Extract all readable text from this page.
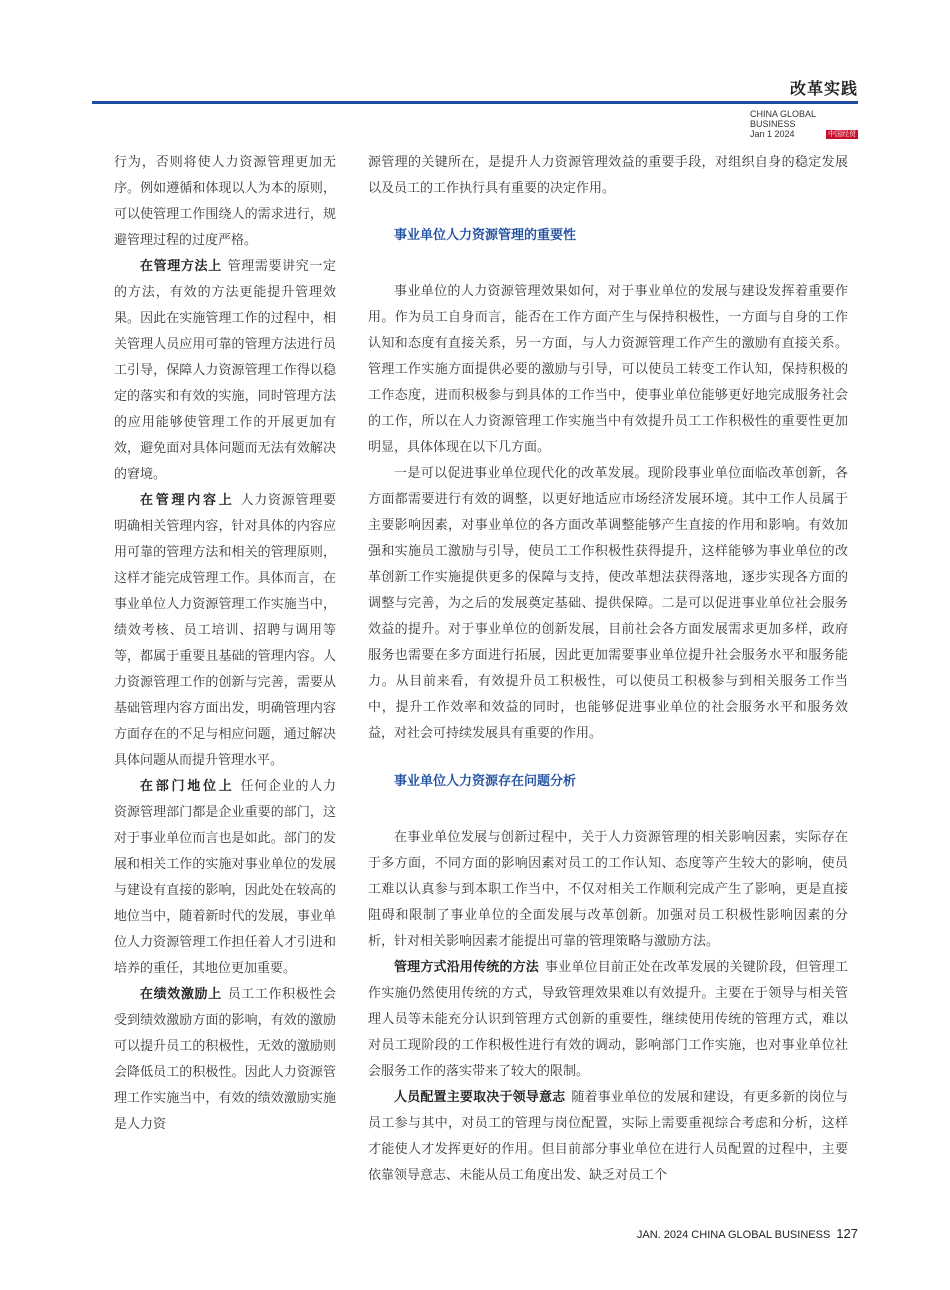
改革实践
CHINA GLOBAL BUSINESS
Jan 1 2024	中国经贸

行为，否则将使人力资源管理更加无序。例如遵循和体现以人为本的原则，可以使管理工作围绕人的需求进行，规避管理过程的过度严格。

在管理方法上 管理需要讲究一定的方法，有效的方法更能提升管理效果。因此在实施管理工作的过程中，相关管理人员应用可靠的管理方法进行员工引导，保障人力资源管理工作得以稳定的落实和有效的实施，同时管理方法的应用能够使管理工作的开展更加有效，避免面对具体问题而无法有效解决的窘境。

在管理内容上 人力资源管理要明确相关管理内容，针对具体的内容应用可靠的管理方法和相关的管理原则，这样才能完成管理工作。具体而言，在事业单位人力资源管理工作实施当中，绩效考核、员工培训、招聘与调用等等，都属于重要且基础的管理内容。人力资源管理工作的创新与完善，需要从基础管理内容方面出发，明确管理内容方面存在的不足与相应问题，通过解决具体问题从而提升管理水平。

在部门地位上 任何企业的人力资源管理部门都是企业重要的部门，这对于事业单位而言也是如此。部门的发展和相关工作的实施对事业单位的发展与建设有直接的影响，因此处在较高的地位当中，随着新时代的发展，事业单位人力资源管理工作担任着人才引进和培养的重任，其地位更加重要。

在绩效激励上 员工工作积极性会受到绩效激励方面的影响，有效的激励可以提升员工的积极性，无效的激励则会降低员工的积极性。因此人力资源管理工作实施当中，有效的绩效激励实施是人力资

源管理的关键所在，是提升人力资源管理效益的重要手段，对组织自身的稳定发展以及员工的工作执行具有重要的决定作用。

事业单位人力资源管理的重要性

事业单位的人力资源管理效果如何，对于事业单位的发展与建设发挥着重要作用。作为员工自身而言，能否在工作方面产生与保持积极性，一方面与自身的工作认知和态度有直接关系，另一方面，与人力资源管理工作产生的激励有直接关系。管理工作实施方面提供必要的激励与引导，可以使员工转变工作认知，保持积极的工作态度，进而积极参与到具体的工作当中，使事业单位能够更好地完成服务社会的工作，所以在人力资源管理工作实施当中有效提升员工工作积极性的重要性更加明显，具体体现在以下几方面。

一是可以促进事业单位现代化的改革发展。现阶段事业单位面临改革创新，各方面都需要进行有效的调整，以更好地适应市场经济发展环境。其中工作人员属于主要影响因素，对事业单位的各方面改革调整能够产生直接的作用和影响。有效加强和实施员工激励与引导，使员工工作积极性获得提升，这样能够为事业单位的改革创新工作实施提供更多的保障与支持，使改革想法获得落地，逐步实现各方面的调整与完善，为之后的发展奠定基础、提供保障。二是可以促进事业单位社会服务效益的提升。对于事业单位的创新发展，目前社会各方面发展需求更加多样，政府服务也需要在多方面进行拓展，因此更加需要事业单位提升社会服务水平和服务能力。从目前来看，有效提升员工积极性，可以使员工积极参与到相关服务工作当中，提升工作效率和效益的同时，也能够促进事业单位的社会服务水平和服务效益，对社会可持续发展具有重要的作用。

事业单位人力资源存在问题分析

在事业单位发展与创新过程中，关于人力资源管理的相关影响因素，实际存在于多方面，不同方面的影响因素对员工的工作认知、态度等产生较大的影响，使员工难以认真参与到本职工作当中，不仅对相关工作顺利完成产生了影响，更是直接阻碍和限制了事业单位的全面发展与改革创新。加强对员工积极性影响因素的分析，针对相关影响因素才能提出可靠的管理策略与激励方法。

管理方式沿用传统的方法 事业单位目前正处在改革发展的关键阶段，但管理工作实施仍然使用传统的方式，导致管理效果难以有效提升。主要在于领导与相关管理人员等未能充分认识到管理方式创新的重要性，继续使用传统的管理方式，难以对员工现阶段的工作积极性进行有效的调动，影响部门工作实施，也对事业单位社会服务工作的落实带来了较大的限制。

人员配置主要取决于领导意志 随着事业单位的发展和建设，有更多新的岗位与员工参与其中，对员工的管理与岗位配置，实际上需要重视综合考虑和分析，这样才能使人才发挥更好的作用。但目前部分事业单位在进行人员配置的过程中，主要依靠领导意志、未能从员工角度出发、缺乏对员工个

JAN. 2024 CHINA GLOBAL BUSINESS 127
